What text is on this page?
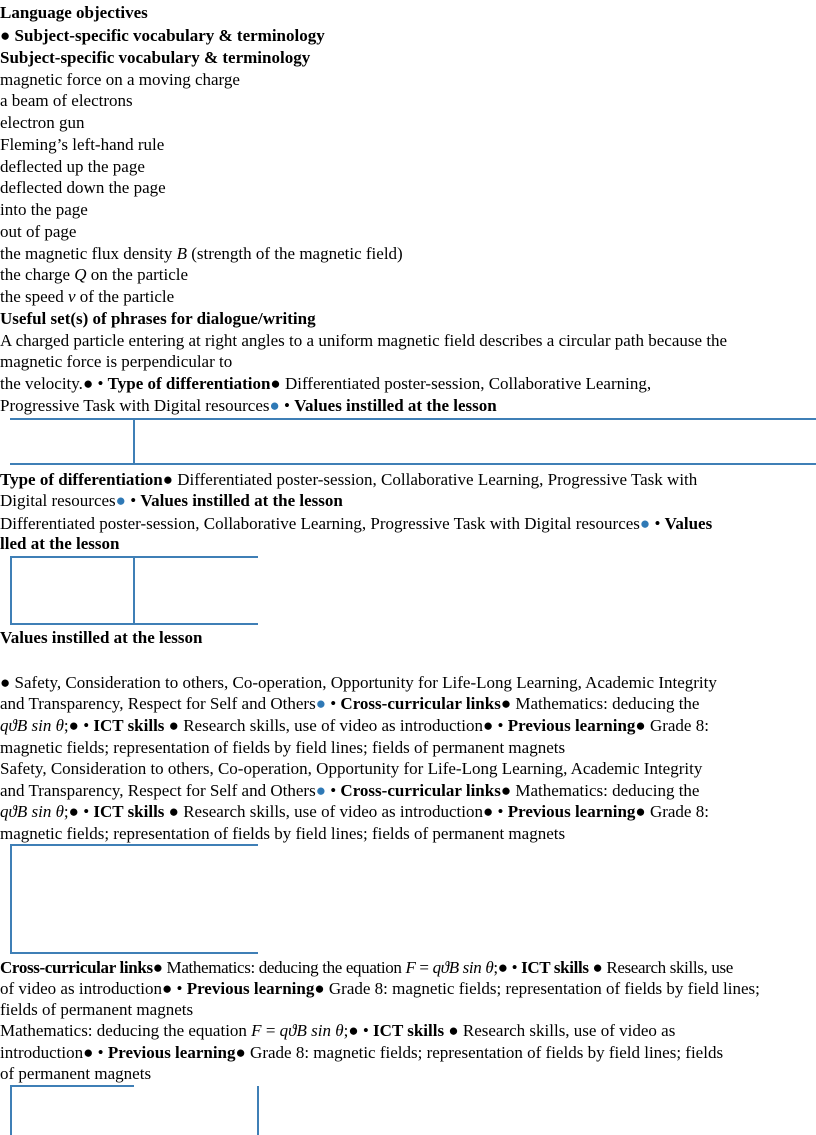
Language objectives
● Subject-specific vocabulary & terminology
Subject-specific vocabulary & terminology
magnetic force on a moving charge
a beam of electrons
electron gun
Fleming’s left-hand rule
deflected up the page
deflected down the page
into the page
out of page
the magnetic flux density B (strength of the magnetic field)
the charge Q on the particle
the speed v of the particle
Useful set(s) of phrases for dialogue/writing
A charged particle entering at right angles to a uniform magnetic field describes a circular path because the
magnetic force is perpendicular to
the velocity.● • Type of differentiation● Differentiated poster-session, Collaborative Learning,
Progressive Task with Digital resources● • Values instilled at the lesson
Type of differentiation● Differentiated poster-session, Collaborative Learning, Progressive Task with
Digital resources● • Values instilled at the lesson
Differentiated poster-session, Collaborative Learning, Progressive Task with Digital resources● • Values
lled at the lesson
Values instilled at the lesson
● Safety, Consideration to others, Co-operation, Opportunity for Life-Long Learning, Academic Integrity
and Transparency, Respect for Self and Others● • Cross-curricular links● Mathematics: deducing the
qϑB sin θ;● • ICT skills ● Research skills, use of video as introduction● • Previous learning● Grade 8:
magnetic fields; representation of fields by field lines; fields of permanent magnets
Safety, Consideration to others, Co-operation, Opportunity for Life-Long Learning, Academic Integrity
and Transparency, Respect for Self and Others● • Cross-curricular links● Mathematics: deducing the
qϑB sin θ;● • ICT skills ● Research skills, use of video as introduction● • Previous learning● Grade 8:
magnetic fields; representation of fields by field lines; fields of permanent magnets
Cross-curricular links● Mathematics: deducing the equation F = qϑB sin θ;● • ICT skills ● Research skills, use
of video as introduction● • Previous learning● Grade 8: magnetic fields; representation of fields by field lines;
fields of permanent magnets
Mathematics: deducing the equation F = qϑB sin θ;● • ICT skills ● Research skills, use of video as
introduction● • Previous learning● Grade 8: magnetic fields; representation of fields by field lines; fields
of permanent magnets
